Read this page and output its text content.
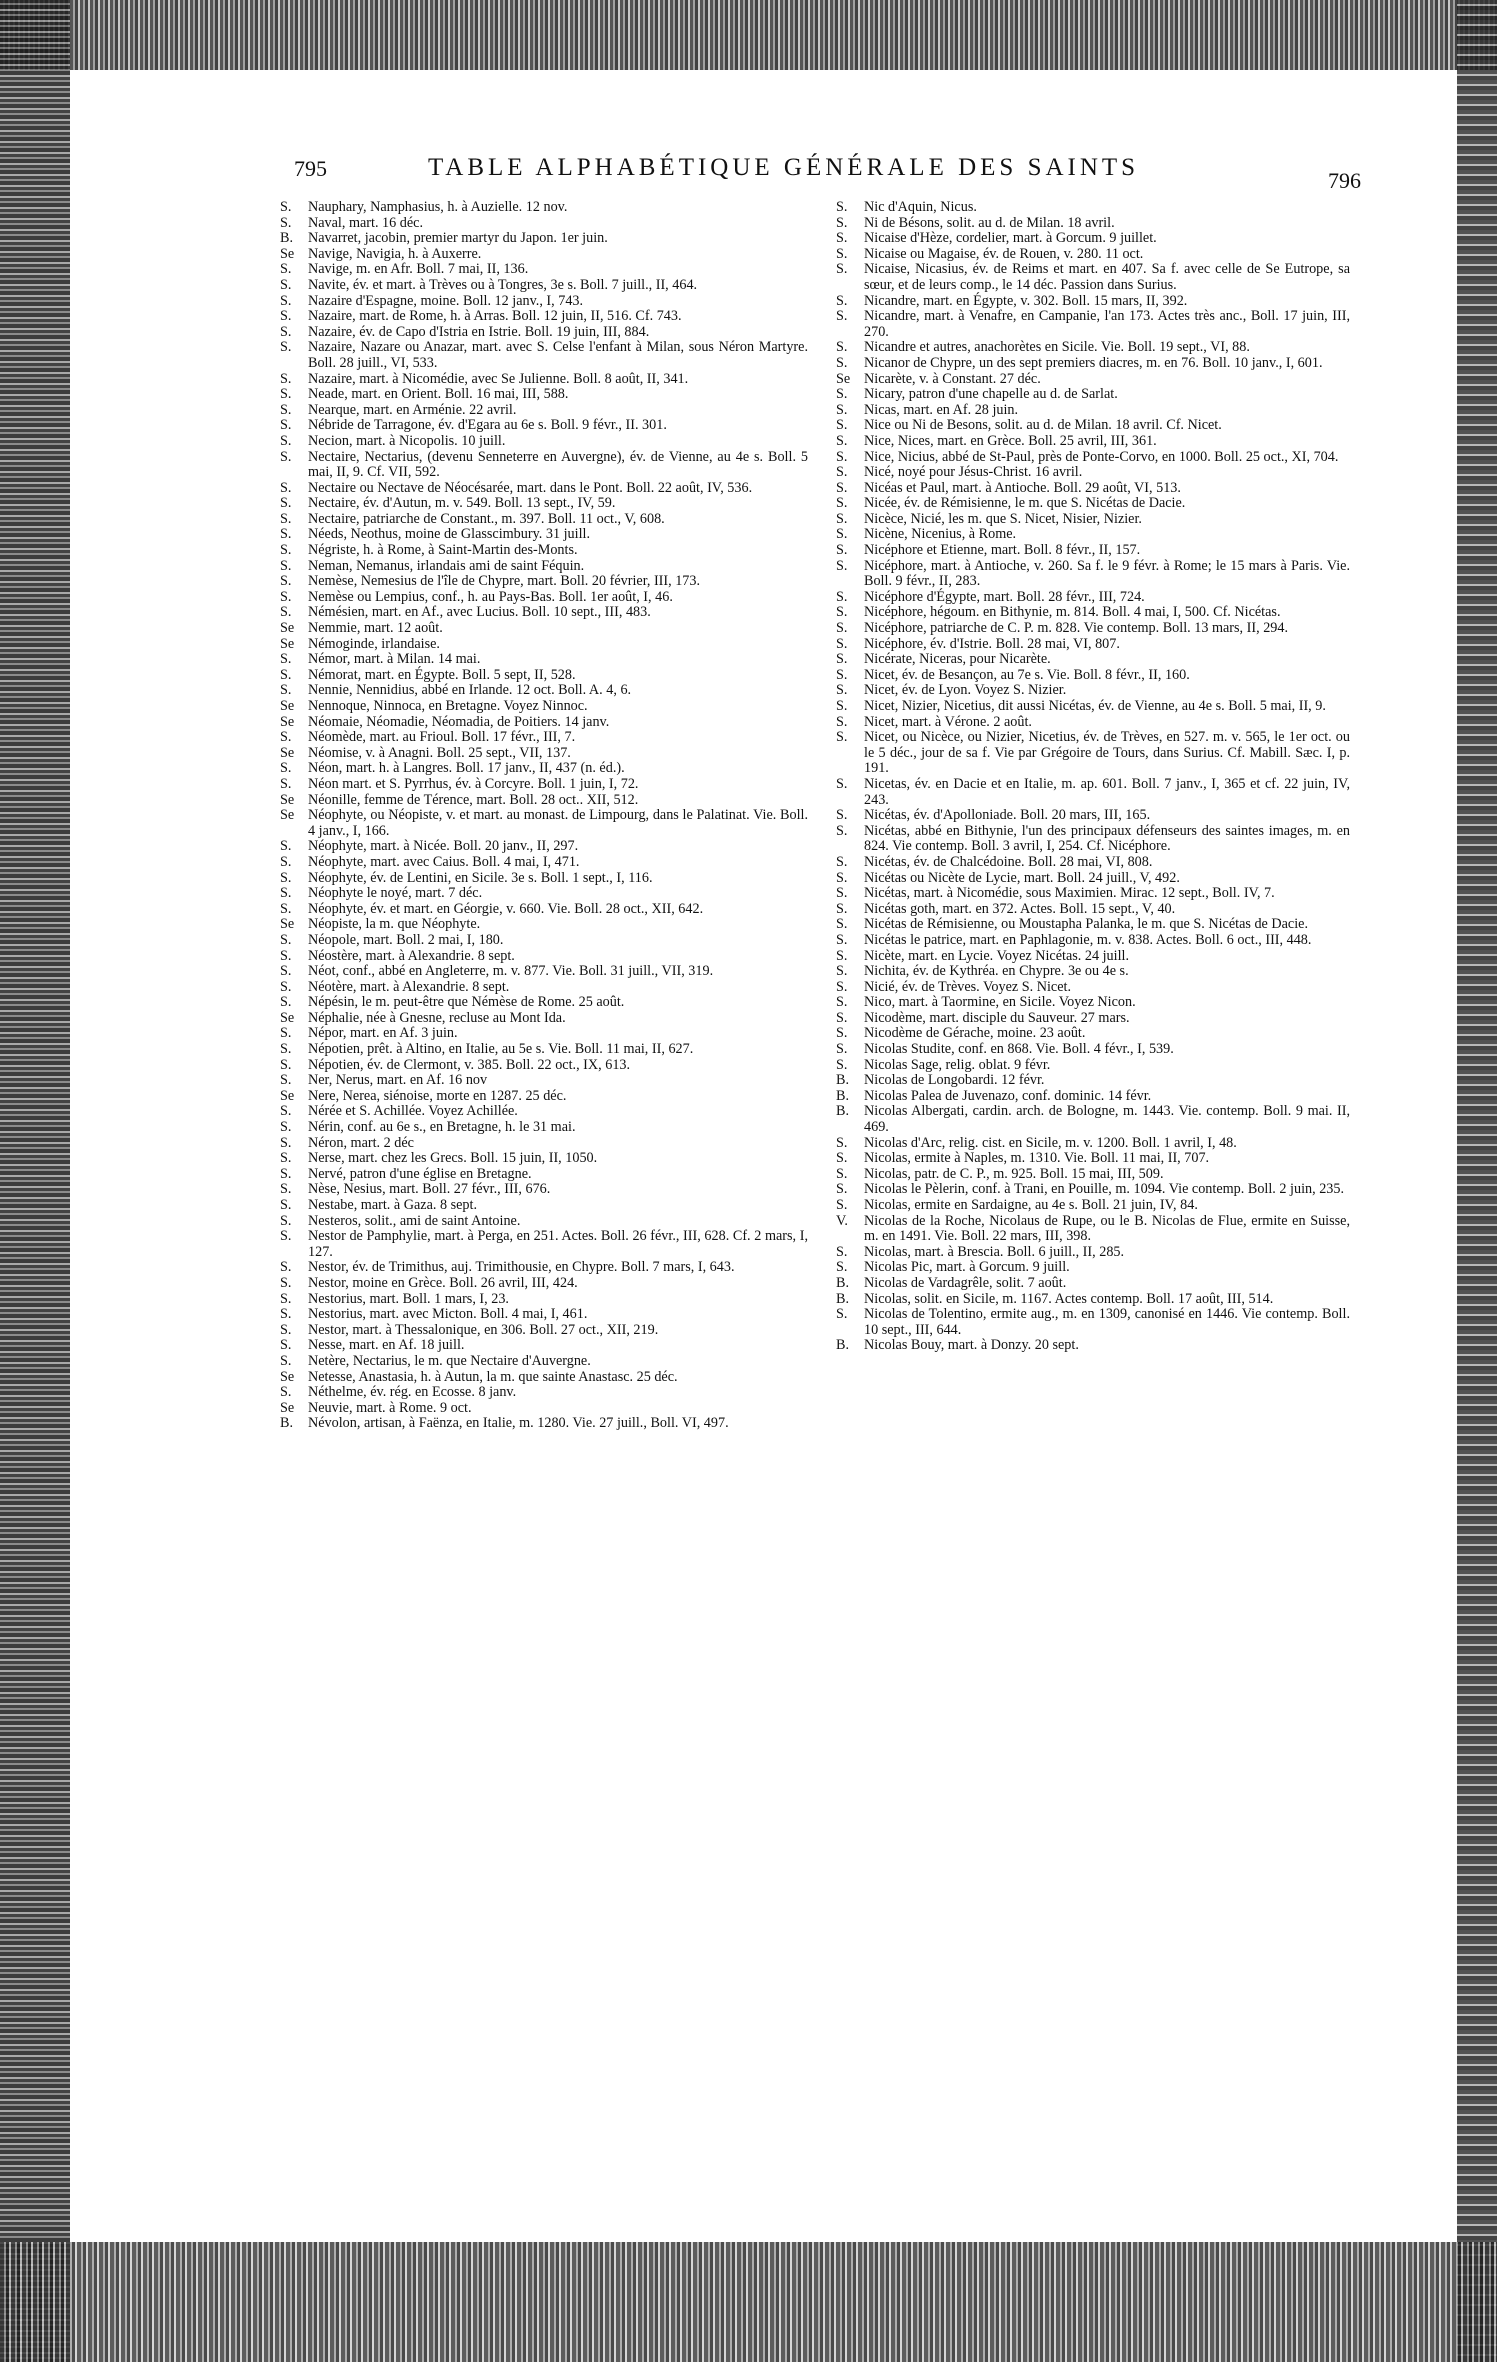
795	TABLE ALPHABÉTIQUE GÉNÉRALE DES SAINTS	796
S.	Nauphary, Namphasius, h. à Auzielle. 12 nov.
S.	Naval, mart. 16 déc.
B.	Navarret, jacobin, premier martyr du Japon. 1er juin.
Se Navige, Navigia, h. à Auxerre.
S.	Navige, m. en Afr. Boll. 7 mai, II, 136.
S.	Navite, év. et mart. à Trèves ou à Tongres, 3e s. Boll. 7 juill., II, 464.
S.	Nazaire d'Espagne, moine. Boll. 12 janv., I, 743.
S.	Nazaire, mart. de Rome, h. à Arras. Boll. 12 juin, II, 516. Cf. 743.
S.	Nazaire, év. de Capo d'Istria en Istrie. Boll. 19 juin, III, 884.
S.	Nazaire, Nazare ou Anazar, mart. avec S. Celse l'enfant à Milan, sous Néron Martyre. Boll. 28 juill., VI, 533.
S.	Nazaire, mart. à Nicomédie, avec Se Julienne. Boll. 8 août, II, 341.
S.	Neade, mart. en Orient. Boll. 16 mai, III, 588.
S.	Nearque, mart. en Arménie. 22 avril.
S.	Nébride de Tarragone, év. d'Egara au 6e s. Boll. 9 févr., II. 301.
S.	Necion, mart. à Nicopolis. 10 juill.
S.	Nectaire, Nectarius, (devenu Senneterre en Auvergne), év. de Vienne, au 4e s. Boll. 5 mai, II, 9. Cf. VII, 592.
S.	Nectaire ou Nectave de Néocésarée, mart. dans le Pont. Boll. 22 août, IV, 536.
S.	Nectaire, év. d'Autun, m. v. 549. Boll. 13 sept., IV, 59.
S.	Nectaire, patriarche de Constant., m. 397. Boll. 11 oct., V, 608.
S.	Néeds, Neothus, moine de Glasscimbury. 31 juill.
S.	Négriste, h. à Rome, à Saint-Martin des-Monts.
S.	Neman, Nemanus, irlandais ami de saint Féquin.
S.	Nemèse, Nemesius de l'île de Chypre, mart. Boll. 20 février, III, 173.
S.	Nemèse ou Lempius, conf., h. au Pays-Bas. Boll. 1er août, I, 46.
S.	Némésien, mart. en Af., avec Lucius. Boll. 10 sept., III, 483.
Se Nemmie, mart. 12 août.
Se Némoginde, irlandaise.
S.	Némor, mart. à Milan. 14 mai.
S.	Némorat, mart. en Égypte. Boll. 5 sept, II, 528.
S.	Nennie, Nennidius, abbé en Irlande. 12 oct. Boll. A. 4, 6.
Se Nennoque, Ninnoca, en Bretagne. Voyez Ninnoc.
Se Néomaie, Néomadie, Néomadia, de Poitiers. 14 janv.
S.	Néomède, mart. au Frioul. Boll. 17 févr., III, 7.
Se Néomise, v. à Anagni. Boll. 25 sept., VII, 137.
S.	Néon, mart. h. à Langres. Boll. 17 janv., II, 437 (n. éd.).
S.	Néon mart. et S. Pyrrhus, év. à Corcyre. Boll. 1 juin, I, 72.
Se Néonille, femme de Térence, mart. Boll. 28 oct.. XII, 512.
Se Néophyte, ou Néopiste, v. et mart. au monast. de Limpourg, dans le Palatinat. Vie. Boll. 4 janv., I, 166.
S.	Néophyte, mart. à Nicée. Boll. 20 janv., II, 297.
S.	Néophyte, mart. avec Caius. Boll. 4 mai, I, 471.
S.	Néophyte, év. de Lentini, en Sicile. 3e s. Boll. 1 sept., I, 116.
S.	Néophyte le noyé, mart. 7 déc.
S.	Néophyte, év. et mart. en Géorgie, v. 660. Vie. Boll. 28 oct., XII, 642.
Se Néopiste, la m. que Néophyte.
S.	Néopole, mart. Boll. 2 mai, I, 180.
S.	Néostère, mart. à Alexandrie. 8 sept.
S.	Néot, conf., abbé en Angleterre, m. v. 877. Vie. Boll. 31 juill., VII, 319.
S.	Néotère, mart. à Alexandrie. 8 sept.
S.	Népésin, le m. peut-être que Némèse de Rome. 25 août.
Se Néphalie, née à Gnesne, recluse au Mont Ida.
S.	Népor, mart. en Af. 3 juin.
S.	Népotien, prêt. à Altino, en Italie, au 5e s. Vie. Boll. 11 mai, II, 627.
S.	Népotien, év. de Clermont, v. 385. Boll. 22 oct., IX, 613.
S.	Ner, Nerus, mart. en Af. 16 nov
Se Nere, Nerea, siénoise, morte en 1287. 25 déc.
S.	Nérée et S. Achillée. Voyez Achillée.
S.	Nérin, conf. au 6e s., en Bretagne, h. le 31 mai.
S.	Néron, mart. 2 déc
S.	Nerse, mart. chez les Grecs. Boll. 15 juin, II, 1050.
S.	Nervé, patron d'une église en Bretagne.
S.	Nèse, Nesius, mart. Boll. 27 févr., III, 676.
S.	Nestabe, mart. à Gaza. 8 sept.
S.	Nesteros, solit., ami de saint Antoine.
S.	Nestor de Pamphylie, mart. à Perga, en 251. Actes. Boll. 26 févr., III, 628. Cf. 2 mars, I, 127.
S.	Nestor, év. de Trimithus, auj. Trimithousie, en Chypre. Boll. 7 mars, I, 643.
S.	Nestor, moine en Grèce. Boll. 26 avril, III, 424.
S.	Nestorius, mart. Boll. 1 mars, I, 23.
S.	Nestorius, mart. avec Micton. Boll. 4 mai, I, 461.
S.	Nestor, mart. à Thessalonique, en 306. Boll. 27 oct., XII, 219.
S.	Nesse, mart. en Af. 18 juill.
S.	Netère, Nectarius, le m. que Nectaire d'Auvergne.
Se Netesse, Anastasia, h. à Autun, la m. que sainte Anastasc. 25 déc.
S.	Néthelme, év. rég. en Ecosse. 8 janv.
Se Neuvie, mart. à Rome. 9 oct.
B.	Névolon, artisan, à Faënza, en Italie, m. 1280. Vie. 27 juill., Boll. VI, 497.
S.	Nic d'Aquin, Nicus.
S.	Ni de Bésons, solit. au d. de Milan. 18 avril.
S.	Nicaise d'Hèze, cordelier, mart. à Gorcum. 9 juillet.
S.	Nicaise ou Magaise, év. de Rouen, v. 280. 11 oct.
S.	Nicaise, Nicasius, év. de Reims et mart. en 407. Sa f. avec celle de Se Eutrope, sa sœur, et de leurs comp., le 14 déc. Passion dans Surius.
S.	Nicandre, mart. en Égypte, v. 302. Boll. 15 mars, II, 392.
S.	Nicandre, mart. à Venafre, en Campanie, l'an 173. Actes très anc., Boll. 17 juin, III, 270.
S.	Nicandre et autres, anachorètes en Sicile. Vie. Boll. 19 sept., VI, 88.
S.	Nicanor de Chypre, un des sept premiers diacres, m. en 76. Boll. 10 janv., I, 601.
Se Nicarète, v. à Constant. 27 déc.
S.	Nicary, patron d'une chapelle au d. de Sarlat.
S.	Nicas, mart. en Af. 28 juin.
S.	Nice ou Ni de Besons, solit. au d. de Milan. 18 avril. Cf. Nicet.
S.	Nice, Nices, mart. en Grèce. Boll. 25 avril, III, 361.
S.	Nice, Nicius, abbé de St-Paul, près de Ponte-Corvo, en 1000. Boll. 25 oct., XI, 704.
S.	Nicé, noyé pour Jésus-Christ. 16 avril.
S.	Nicéas et Paul, mart. à Antioche. Boll. 29 août, VI, 513.
S.	Nicée, év. de Rémisienne, le m. que S. Nicétas de Dacie.
S.	Nicèce, Nicié, les m. que S. Nicet, Nisier, Nizier.
S.	Nicène, Nicenius, à Rome.
S.	Nicéphore et Etienne, mart. Boll. 8 févr., II, 157.
S.	Nicéphore, mart. à Antioche, v. 260. Sa f. le 9 févr. à Rome; le 15 mars à Paris. Vie. Boll. 9 févr., II, 283.
S.	Nicéphore d'Égypte, mart. Boll. 28 févr., III, 724.
S.	Nicéphore, hégoum. en Bithynie, m. 814. Boll. 4 mai, I, 500. Cf. Nicétas.
S.	Nicéphore, patriarche de C. P. m. 828. Vie contemp. Boll. 13 mars, II, 294.
S.	Nicéphore, év. d'Istrie. Boll. 28 mai, VI, 807.
S.	Nicérate, Niceras, pour Nicarète.
S.	Nicet, év. de Besançon, au 7e s. Vie. Boll. 8 févr., II, 160.
S.	Nicet, év. de Lyon. Voyez S. Nizier.
S.	Nicet, Nizier, Nicetius, dit aussi Nicétas, év. de Vienne, au 4e s. Boll. 5 mai, II, 9.
S.	Nicet, mart. à Vérone. 2 août.
S.	Nicet, ou Nicèce, ou Nizier, Nicetius, év. de Trèves, en 527. m. v. 565, le 1er oct. ou le 5 déc., jour de sa f. Vie par Grégoire de Tours, dans Surius. Cf. Mabill. Sæc. I, p. 191.
S.	Nicetas, év. en Dacie et en Italie, m. ap. 601. Boll. 7 janv., I, 365 et cf. 22 juin, IV, 243.
S.	Nicétas, év. d'Apolloniade. Boll. 20 mars, III, 165.
S.	Nicétas, abbé en Bithynie, l'un des principaux défenseurs des saintes images, m. en 824. Vie contemp. Boll. 3 avril, I, 254. Cf. Nicéphore.
S.	Nicétas, év. de Chalcédoine. Boll. 28 mai, VI, 808.
S.	Nicétas ou Nicète de Lycie, mart. Boll. 24 juill., V, 492.
S.	Nicétas, mart. à Nicomédie, sous Maximien. Mirac. 12 sept., Boll. IV, 7.
S.	Nicétas goth, mart. en 372. Actes. Boll. 15 sept., V, 40.
S.	Nicétas de Rémisienne, ou Moustapha Palanka, le m. que S. Nicétas de Dacie.
S.	Nicétas le patrice, mart. en Paphlagonie, m. v. 838. Actes. Boll. 6 oct., III, 448.
S.	Nicète, mart. en Lycie. Voyez Nicétas. 24 juill.
S.	Nichita, év. de Kythréa. en Chypre. 3e ou 4e s.
S.	Nicié, év. de Trèves. Voyez S. Nicet.
S.	Nico, mart. à Taormine, en Sicile. Voyez Nicon.
S.	Nicodème, mart. disciple du Sauveur. 27 mars.
S.	Nicodème de Gérache, moine. 23 août.
S.	Nicolas Studite, conf. en 868. Vie. Boll. 4 févr., I, 539.
S.	Nicolas Sage, relig. oblat. 9 févr.
B.	Nicolas de Longobardi. 12 févr.
B.	Nicolas Palea de Juvenazo, conf. dominic. 14 févr.
B.	Nicolas Albergati, cardin. arch. de Bologne, m. 1443. Vie. contemp. Boll. 9 mai. II, 469.
S.	Nicolas d'Arc, relig. cist. en Sicile, m. v. 1200. Boll. 1 avril, I, 48.
S.	Nicolas, ermite à Naples, m. 1310. Vie. Boll. 11 mai, II, 707.
S.	Nicolas, patr. de C. P., m. 925. Boll. 15 mai, III, 509.
S.	Nicolas le Pèlerin, conf. à Trani, en Pouille, m. 1094. Vie contemp. Boll. 2 juin, 235.
S.	Nicolas, ermite en Sardaigne, au 4e s. Boll. 21 juin, IV, 84.
V.	Nicolas de la Roche, Nicolaus de Rupe, ou le B. Nicolas de Flue, ermite en Suisse, m. en 1491. Vie. Boll. 22 mars, III, 398.
S.	Nicolas, mart. à Brescia. Boll. 6 juill., II, 285.
S.	Nicolas Pic, mart. à Gorcum. 9 juill.
B.	Nicolas de Vardagrêle, solit. 7 août.
B.	Nicolas, solit. en Sicile, m. 1167. Actes contemp. Boll. 17 août, III, 514.
S.	Nicolas de Tolentino, ermite aug., m. en 1309, canonisé en 1446. Vie contemp. Boll. 10 sept., III, 644.
B.	Nicolas Bouy, mart. à Donzy. 20 sept.
